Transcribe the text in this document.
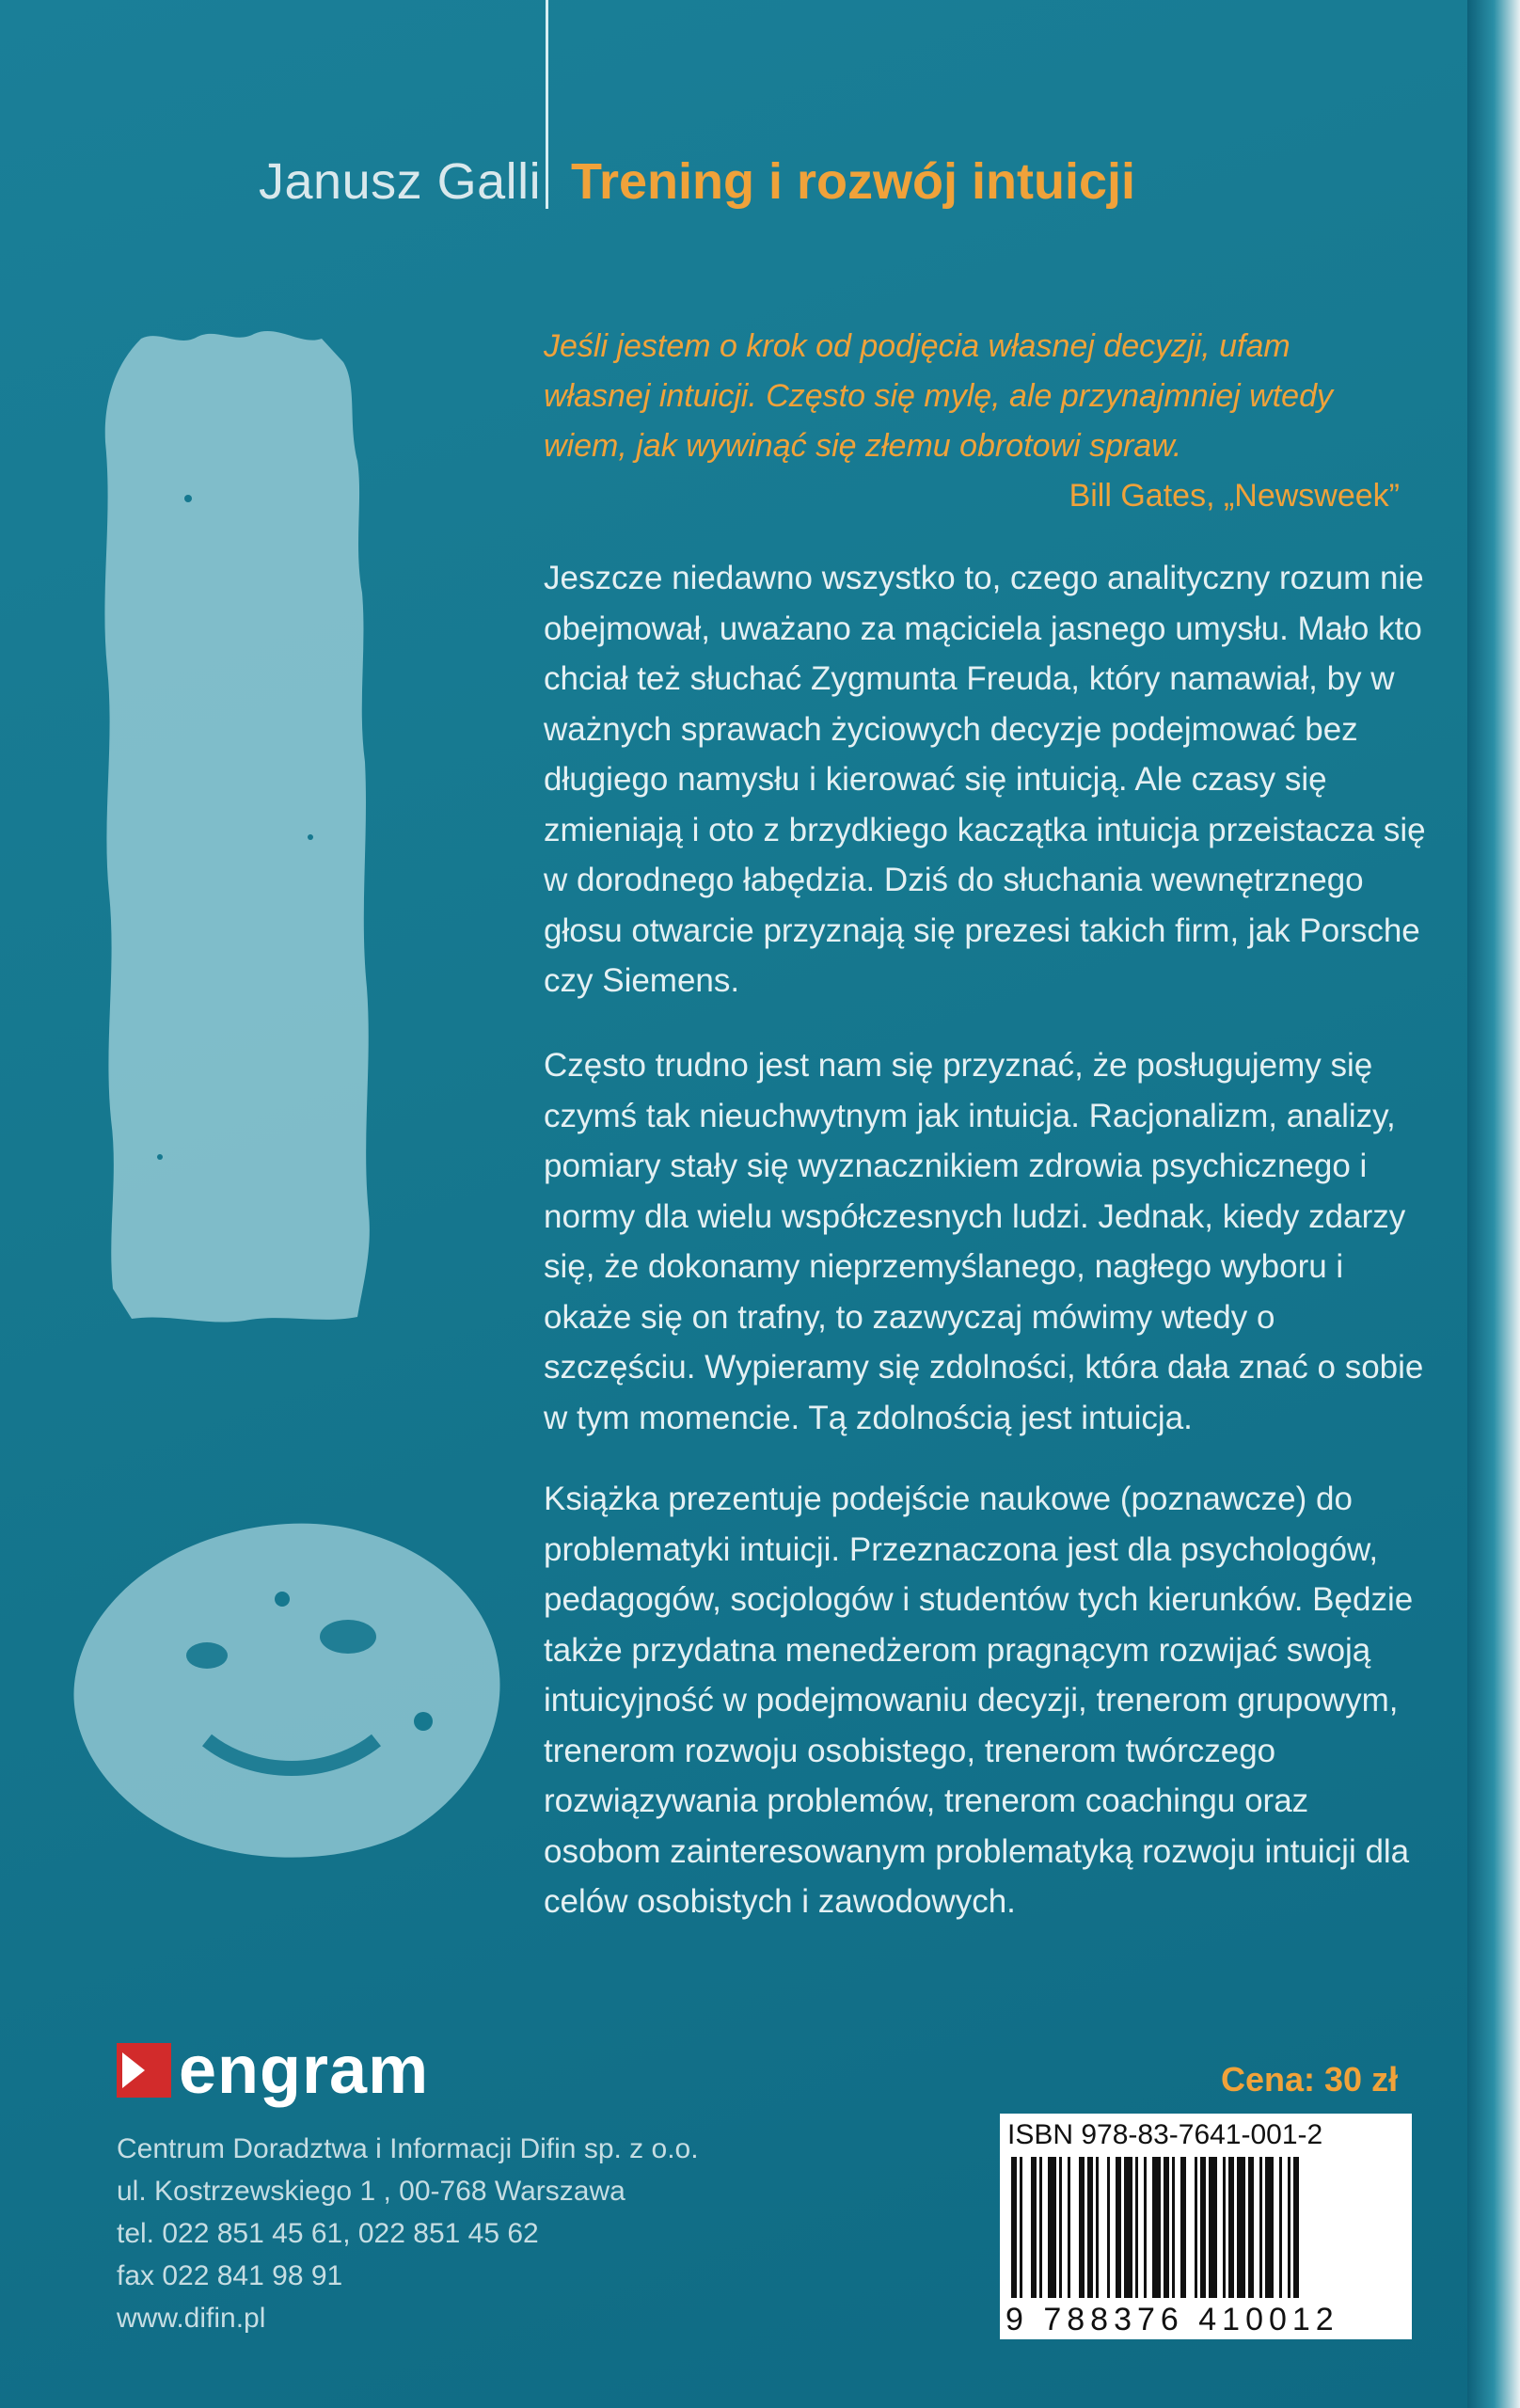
Janusz Galli Trening i rozwój intuicji

Jeśli jestem o krok od podjęcia własnej decyzji, ufam

własnej intuicji. Często się mylę, ale przynajmniej wtedy

wiem, jak wywinąć się złemu obrotowi spraw.

Bill Gates, „Newsweek”

Jeszcze niedawno wszystko to, czego analityczny rozum nie obejmował, uważano za mąciciela jasnego umysłu. Mało kto chciał też słuchać Zygmunta Freuda, który namawiał, by w ważnych sprawach życiowych decyzje podejmować bez długiego namysłu i kierować się intuicją. Ale czasy się zmieniają i oto z brzydkiego kaczątka intuicja przeistacza się w dorodnego łabędzia. Dziś do słuchania wewnętrznego głosu otwarcie przyznają się prezesi takich firm, jak Porsche czy Siemens.

Często trudno jest nam się przyznać, że posługujemy się czymś tak nieuchwytnym jak intuicja. Racjonalizm, analizy, pomiary stały się wyznacznikiem zdrowia psychicznego i normy dla wielu współczesnych ludzi. Jednak, kiedy zdarzy się, że dokonamy nieprzemyślanego, nagłego wyboru i okaże się on trafny, to zazwyczaj mówimy wtedy o szczęściu. Wypieramy się zdolności, która dała znać o sobie w tym momencie. Tą zdolnością jest intuicja.

Książka prezentuje podejście naukowe (poznawcze) do problematyki intuicji. Przeznaczona jest dla psychologów, pedagogów, socjologów i studentów tych kierunków. Będzie także przydatna menedżerom pragnącym rozwijać swoją intuicyjność w podejmowaniu decyzji, trenerom grupowym, trenerom rozwoju osobistego, trenerom twórczego rozwiązywania problemów, trenerom coachingu oraz osobom zainteresowanym problematyką rozwoju intuicji dla celów osobistych i zawodowych.

engram
Centrum Doradztwa i Informacji Difin sp. z o.o.
ul. Kostrzewskiego 1 , 00-768 Warszawa
tel. 022 851 45 61, 022 851 45 62
fax 022 841 98 91
www.difin.pl
Cena: 30 zł
ISBN 978-83-7641-001-2
9 788376 410012
